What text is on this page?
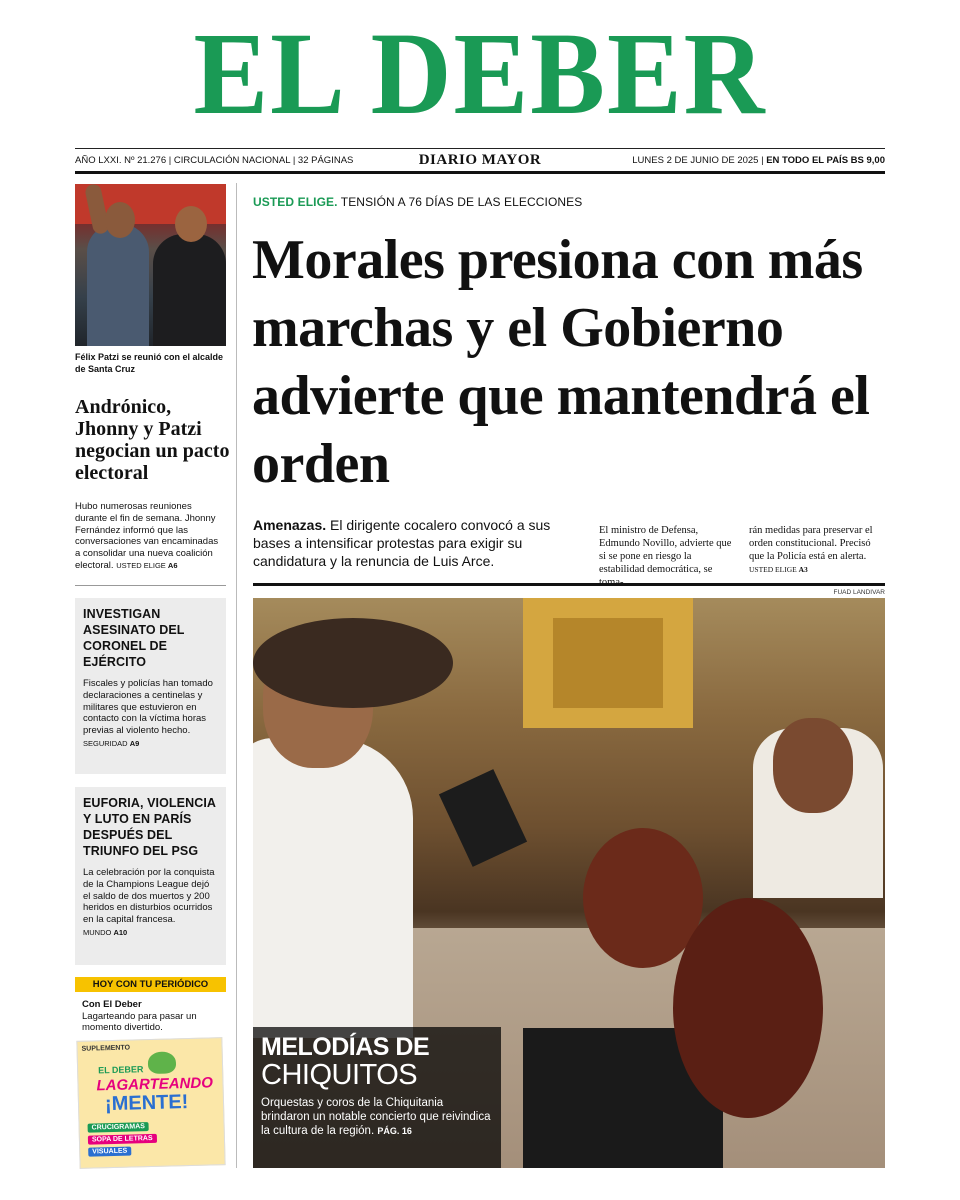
EL DEBER
AÑO LXXI. Nº 21.276 | CIRCULACIÓN NACIONAL | 32 PÁGINAS	DIARIO MAYOR	LUNES 2 DE JUNIO DE 2025 | EN TODO EL PAÍS BS 9,00
Félix Patzi se reunió con el alcalde de Santa Cruz
Andrónico, Jhonny y Patzi negocian un pacto electoral

Hubo numerosas reuniones durante el fin de semana. Jhonny Fernández informó que las conversaciones van encaminadas a consolidar una nueva coalición electoral. USTED ELIGE A6

INVESTIGAN ASESINATO DEL CORONEL DE EJÉRCITO

Fiscales y policías han tomado declaraciones a centinelas y militares que estuvieron en contacto con la víctima horas previas al violento hecho.

SEGURIDAD A9
EUFORIA, VIOLENCIA Y LUTO EN PARÍS DESPUÉS DEL TRIUNFO DEL PSG

La celebración por la conquista de la Champions League dejó el saldo de dos muertos y 200 heridos en disturbios ocurridos en la capital francesa.

MUNDO A10
HOY CON TU PERIÓDICO
Con El Deber
Lagarteando para pasar un momento divertido.
SUPLEMENTO
EL DEBER
LAGARTEANDO
¡MENTE!
CRUCIGRAMAS
SOPA DE LETRAS
VISUALES
USTED ELIGE. TENSIÓN A 76 DÍAS DE LAS ELECCIONES
Morales presiona con más marchas y el Gobierno advierte que mantendrá el orden

Amenazas. El dirigente cocalero convocó a sus bases a intensificar protestas para exigir su candidatura y la renuncia de Luis Arce.

El ministro de Defensa, Edmundo Novillo, advierte que si se pone en riesgo la estabilidad democrática, se

rán medidas para preservar el orden constitucional. Precisó que la Policía está en alerta. USTED ELIGE A3

FUAD LANDIVAR
MELODÍAS DE
CHIQUITOS

Orquestas y coros de la Chiquitania brindaron un notable concierto que reivindica la cultura de la región. PÁG. 16
